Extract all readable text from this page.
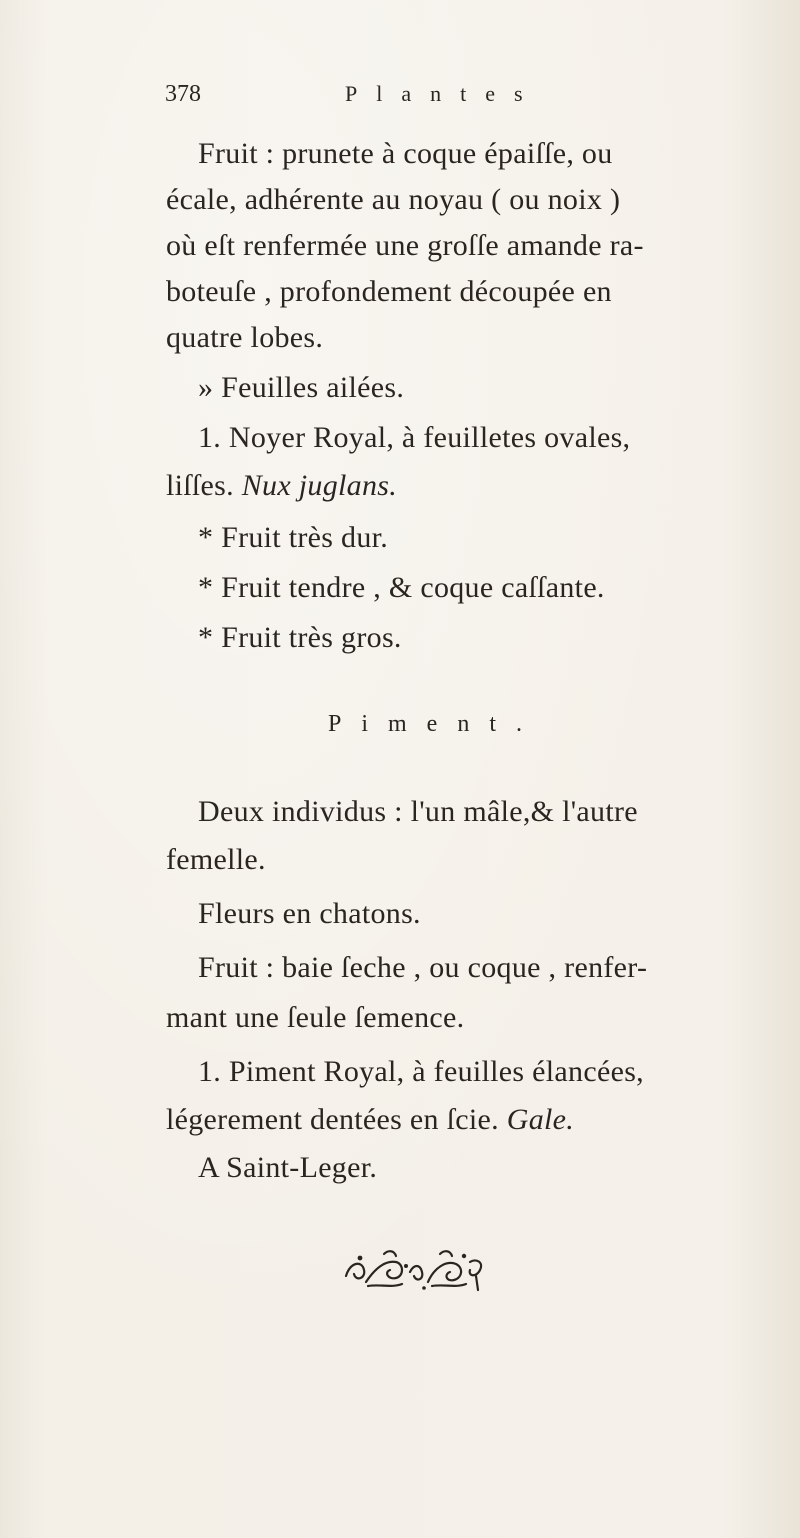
378	Plantes
Fruit : prunete à coque épaiſſe, ou
écale, adhérente au noyau ( ou noix )
où eſt renfermée une groſſe amande ra-
boteuſe , profondement découpée en
quatre lobes.
» Feuilles ailées.
1. Noyer Royal, à feuilletes ovales,
liſſes. Nux juglans.
* Fruit très dur.
* Fruit tendre , & coque caſſante.
* Fruit très gros.
Piment.
Deux individus : l'un mâle,& l'autre
femelle.
Fleurs en chatons.
Fruit : baie ſeche , ou coque , renfer-
mant une ſeule ſemence.
1. Piment Royal, à feuilles élancées,
légerement dentées en ſcie. Gale.
A Saint-Leger.
